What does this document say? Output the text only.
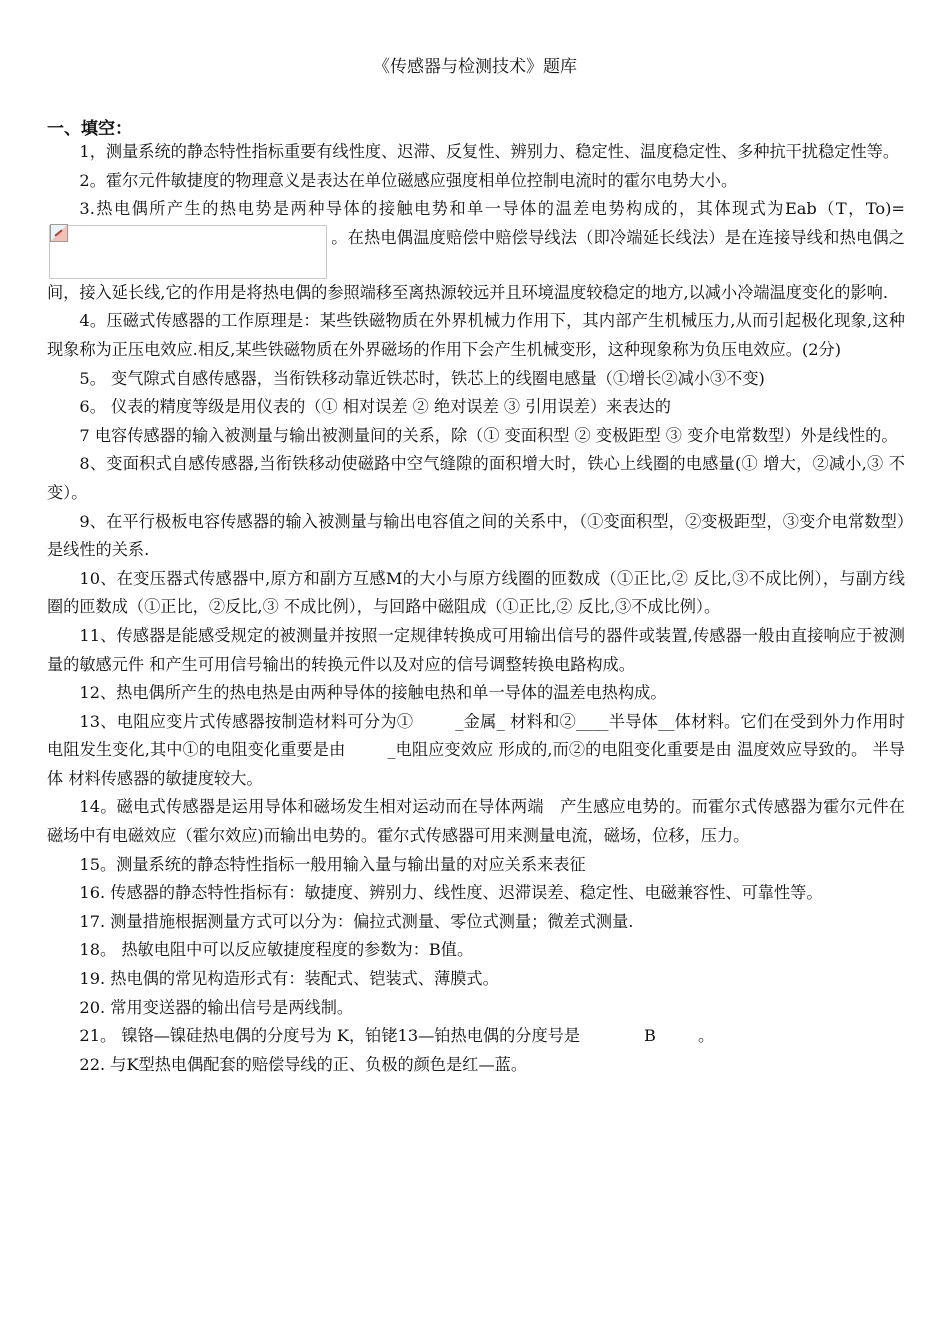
《传感器与检测技术》题库
一、填空：

1，测量系统的静态特性指标重要有线性度、迟滞、反复性、辨别力、稳定性、温度稳定性、多种抗干扰稳定性等。

2。霍尔元件敏捷度的物理意义是表达在单位磁感应强度相单位控制电流时的霍尔电势大小。

3.热电偶所产生的热电势是两种导体的接触电势和单一导体的温差电势构成的，其体现式为Eab（T，To)=
。在热电偶温度赔偿中赔偿导线法（即冷端延长线法）是在连接导线和热电偶之间，接入延长线,它的作用是将热电偶的参照端移至离热源较远并且环境温度较稳定的地方,以减小冷端温度变化的影响.

4。压磁式传感器的工作原理是：某些铁磁物质在外界机械力作用下，其内部产生机械压力,从而引起极化现象,这种现象称为正压电效应.相反,某些铁磁物质在外界磁场的作用下会产生机械变形，这种现象称为负压电效应。(2分)

5。 变气隙式自感传感器，当衔铁移动靠近铁芯时，铁芯上的线圈电感量（①增长②减小③不变)

6。 仪表的精度等级是用仪表的（① 相对误差 ② 绝对误差 ③ 引用误差）来表达的

7 电容传感器的输入被测量与输出被测量间的关系，除（① 变面积型 ② 变极距型 ③ 变介电常数型）外是线性的。

8、变面积式自感传感器,当衔铁移动使磁路中空气缝隙的面积增大时，铁心上线圈的电感量(① 增大，②减小,③ 不变）。

9、在平行极板电容传感器的输入被测量与输出电容值之间的关系中，（①变面积型，②变极距型，③变介电常数型）是线性的关系.

10、在变压器式传感器中,原方和副方互感M的大小与原方线圈的匝数成（①正比,② 反比,③不成比例），与副方线圈的匝数成（①正比，②反比,③ 不成比例），与回路中磁阻成（①正比,② 反比,③不成比例）。

11、传感器是能感受规定的被测量并按照一定规律转换成可用输出信号的器件或装置,传感器一般由直接响应于被测量的敏感元件 和产生可用信号输出的转换元件以及对应的信号调整转换电路构成。

12、热电偶所产生的热电热是由两种导体的接触电热和单一导体的温差电热构成。

13、电阻应变片式传感器按制造材料可分为①	_金属_ 材料和②____半导体__体材料。它们在受到外力作用时电阻发生变化,其中①的电阻变化重要是由	_电阻应变效应 形成的,而②的电阻变化重要是由 温度效应导致的。 半导体 材料传感器的敏捷度较大。

14。磁电式传感器是运用导体和磁场发生相对运动而在导体两端　产生感应电势的。而霍尔式传感器为霍尔元件在磁场中有电磁效应（霍尔效应)而输出电势的。霍尔式传感器可用来测量电流，磁场，位移，压力。

15。测量系统的静态特性指标一般用输入量与输出量的对应关系来表征

16. 传感器的静态特性指标有：敏捷度、辨别力、线性度、迟滞误差、稳定性、电磁兼容性、可靠性等。

17. 测量措施根据测量方式可以分为：偏拉式测量、零位式测量；微差式测量.

18。 热敏电阻中可以反应敏捷度程度的参数为：B值。

19. 热电偶的常见构造形式有：装配式、铠装式、薄膜式。

20. 常用变送器的输出信号是两线制。

21。 镍铬—镍硅热电偶的分度号为 K，铂铑13—铂热电偶的分度号是	B	。

22. 与K型热电偶配套的赔偿导线的正、负极的颜色是红—蓝。
